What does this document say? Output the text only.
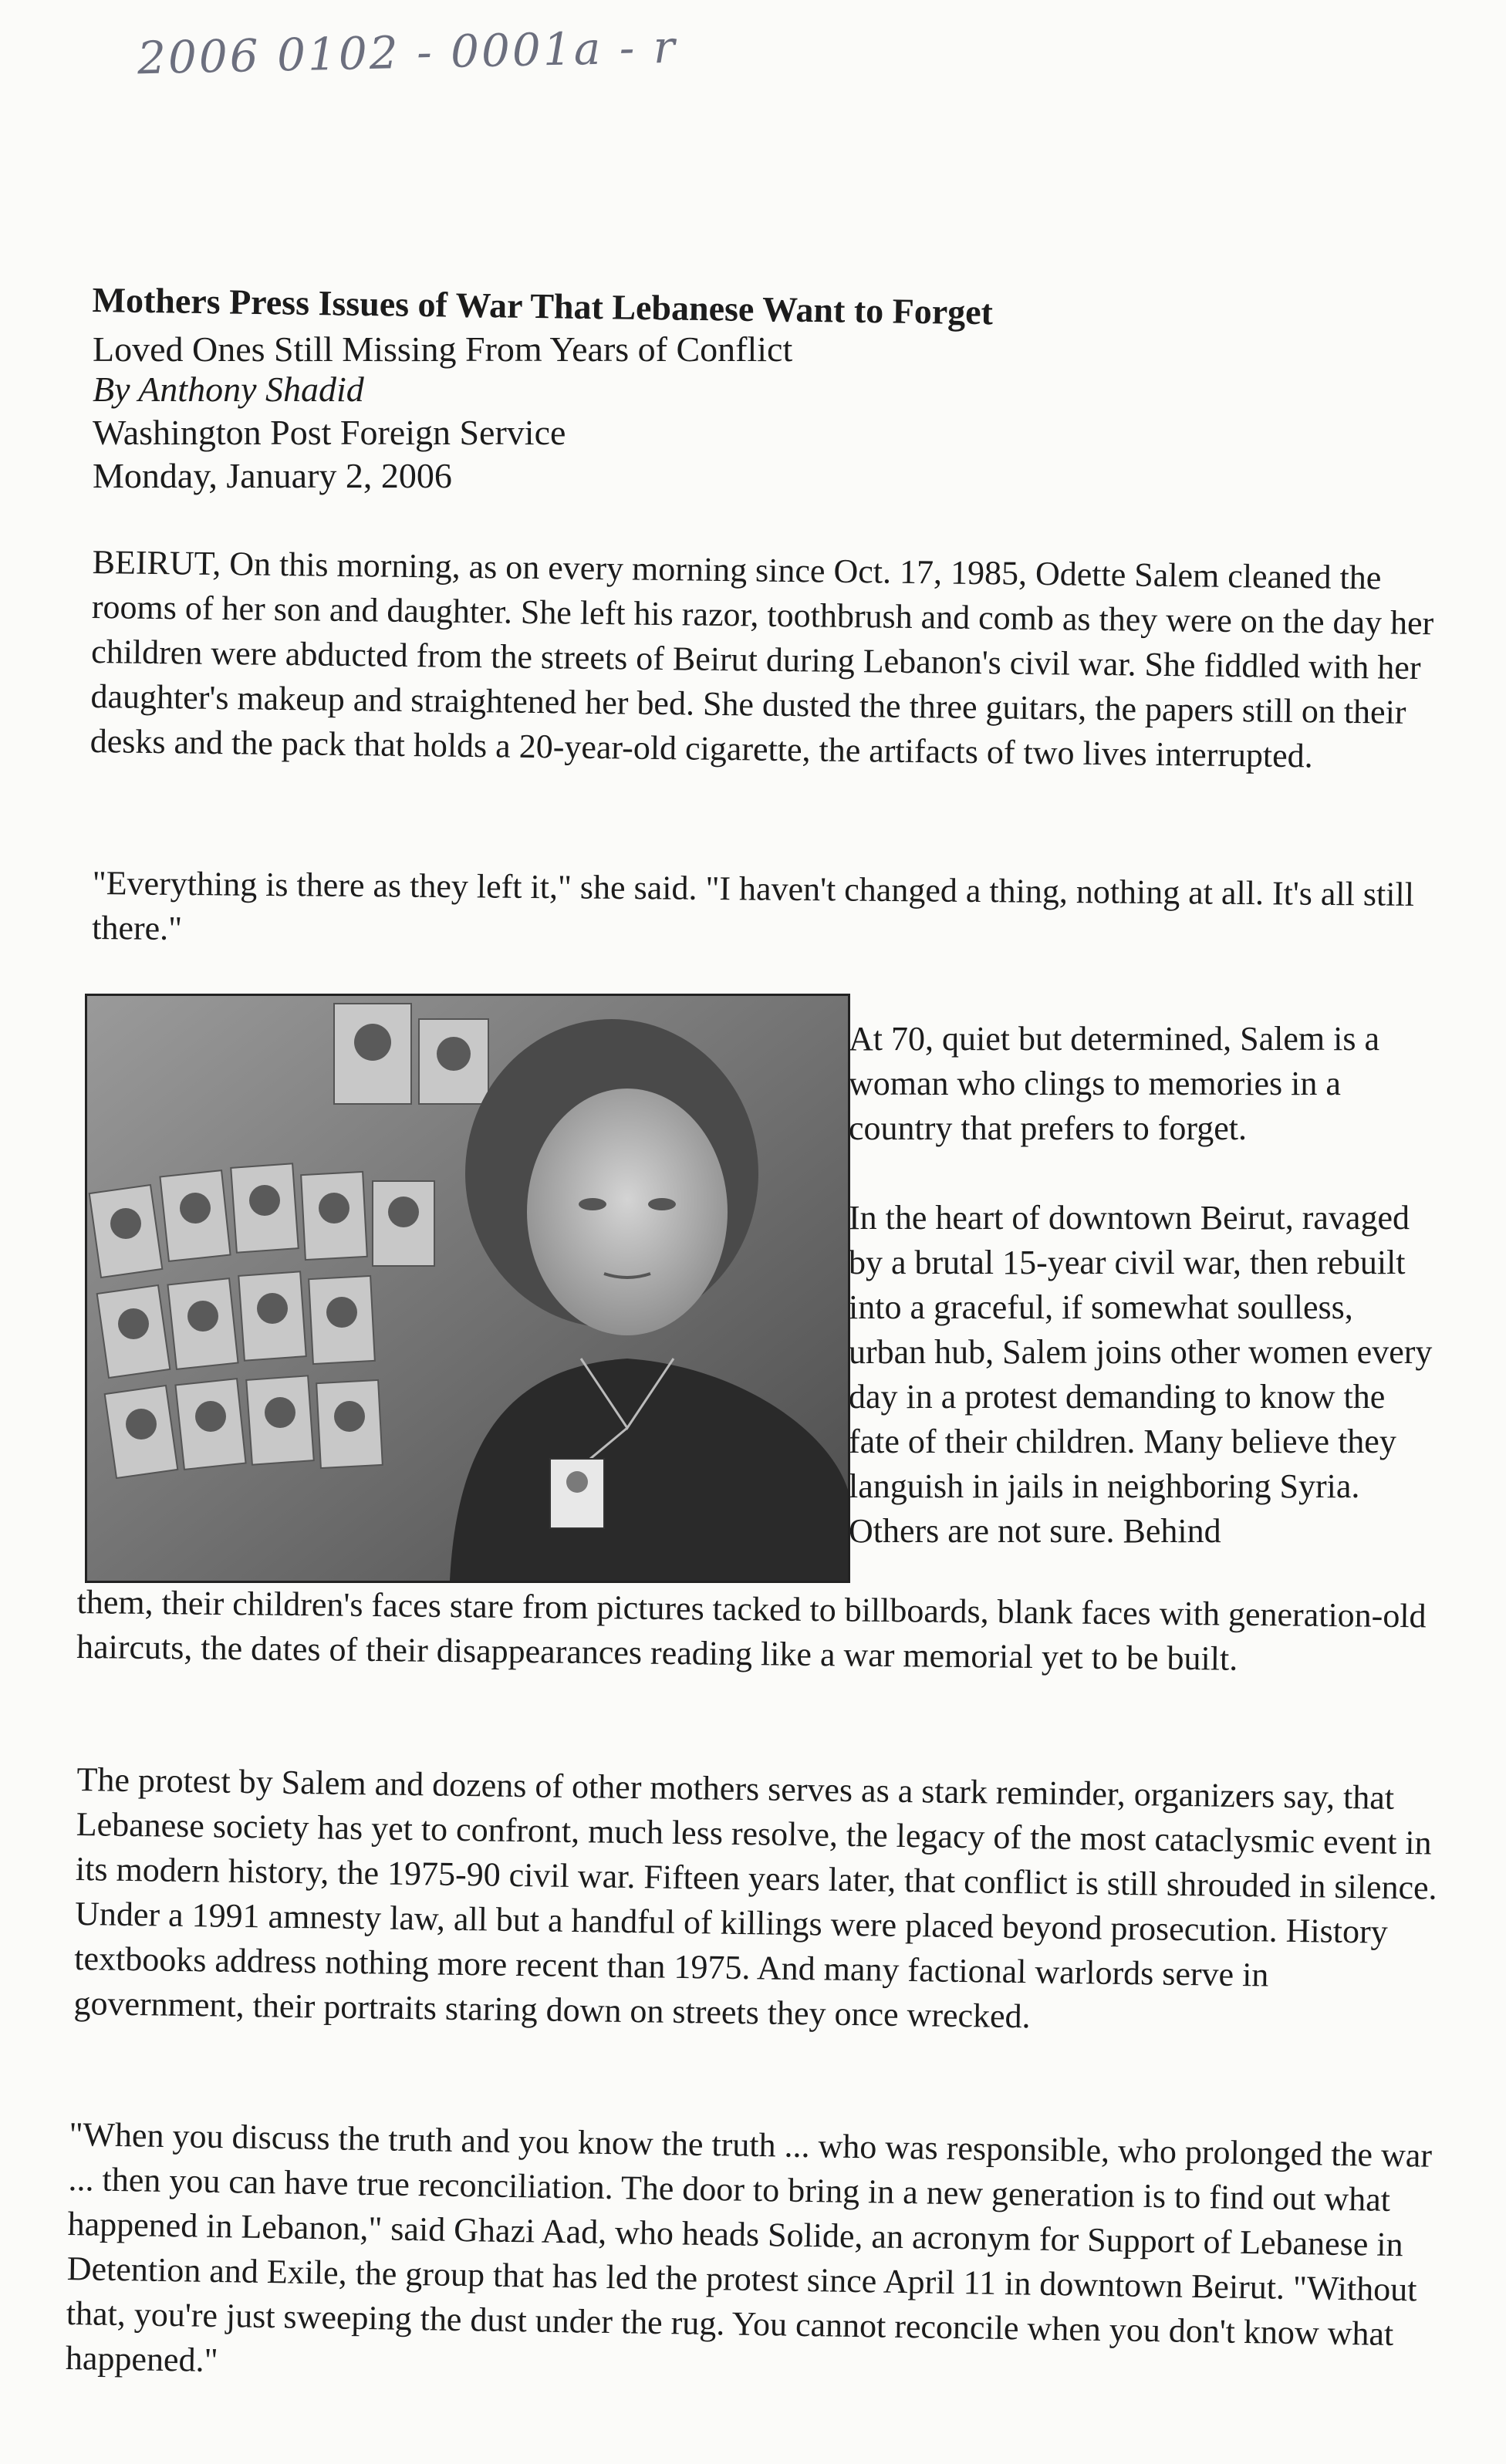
2006 0102 - 0001a - r
Mothers Press Issues of War That Lebanese Want to Forget
Loved Ones Still Missing From Years of Conflict
By Anthony Shadid
Washington Post Foreign Service
Monday, January 2, 2006

BEIRUT, On this morning, as on every morning since Oct. 17, 1985, Odette Salem cleaned the rooms of her son and daughter. She left his razor, toothbrush and comb as they were on the day her children were abducted from the streets of Beirut during Lebanon's civil war. She fiddled with her daughter's makeup and straightened her bed. She dusted the three guitars, the papers still on their desks and the pack that holds a 20-year-old cigarette, the artifacts of two lives interrupted.

"Everything is there as they left it," she said. "I haven't changed a thing, nothing at all. It's all still there."

At 70, quiet but determined, Salem is a woman who clings to memories in a country that prefers to forget.
In the heart of downtown Beirut, ravaged by a brutal 15-year civil war, then rebuilt into a graceful, if somewhat soulless, urban hub, Salem joins other women every day in a protest demanding to know the fate of their children. Many believe they languish in jails in neighboring Syria. Others are not sure. Behind

them, their children's faces stare from pictures tacked to billboards, blank faces with generation-old haircuts, the dates of their disappearances reading like a war memorial yet to be built.

The protest by Salem and dozens of other mothers serves as a stark reminder, organizers say, that Lebanese society has yet to confront, much less resolve, the legacy of the most cataclysmic event in its modern history, the 1975-90 civil war. Fifteen years later, that conflict is still shrouded in silence. Under a 1991 amnesty law, all but a handful of killings were placed beyond prosecution. History textbooks address nothing more recent than 1975. And many factional warlords serve in government, their portraits staring down on streets they once wrecked.

"When you discuss the truth and you know the truth ... who was responsible, who prolonged the war ... then you can have true reconciliation. The door to bring in a new generation is to find out what happened in Lebanon," said Ghazi Aad, who heads Solide, an acronym for Support of Lebanese in Detention and Exile, the group that has led the protest since April 11 in downtown Beirut. "Without that, you're just sweeping the dust under the rug. You cannot reconcile when you don't know what happened."
